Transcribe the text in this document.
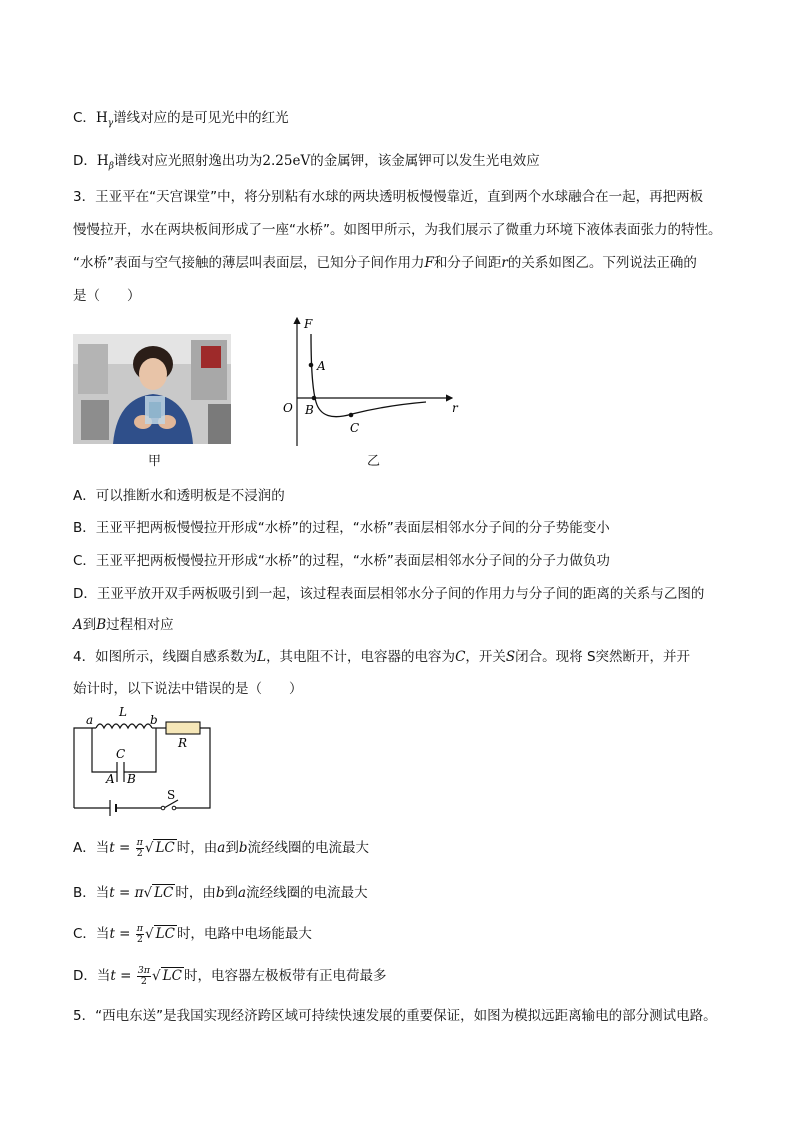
C．$H_\gamma$谱线对应的是可见光中的红光
D．$H_\beta$谱线对应光照射逸出功为2.25eV的金属钾，该金属钾可以发生光电效应
3．王亚平在“天宫课堂”中，将分别粘有水球的两块透明板慢慢靠近，直到两个水球融合在一起，再把两板
慢慢拉开，水在两块板间形成了一座“水桥”。如图甲所示，为我们展示了微重力环境下液体表面张力的特性。
“水桥”表面与空气接触的薄层叫表面层，已知分子间作用力F和分子间距r的关系如图乙。下列说法正确的
是（　　）
甲
F
r
O
A
B
C
乙
A．可以推断水和透明板是不浸润的
B．王亚平把两板慢慢拉开形成“水桥”的过程，“水桥”表面层相邻水分子间的分子势能变小
C．王亚平把两板慢慢拉开形成“水桥”的过程，“水桥”表面层相邻水分子间的分子力做负功
D．王亚平放开双手两板吸引到一起，该过程表面层相邻水分子间的作用力与分子间的距离的关系与乙图的
A到B过程相对应
4．如图所示，线圈自感系数为L，其电阻不计，电容器的电容为C，开关S闭合。现将 S突然断开，并开
始计时，以下说法中错误的是（　　）
a
L
b
R
C
A B
S
A．当$t = \frac{\pi}{2}$ √ LC 时，由a到b流经线圈的电流最大
B．当t = π√ LC 时，由b到a流经线圈的电流最大
C．当$t = \frac{\pi}{2}$ √ LC 时，电路中电场能最大
D．当$t = \frac{3\pi}{2}$ √ LC 时，电容器左极板带有正电荷最多
5．“西电东送”是我国实现经济跨区域可持续快速发展的重要保证，如图为模拟远距离输电的部分测试电路。
